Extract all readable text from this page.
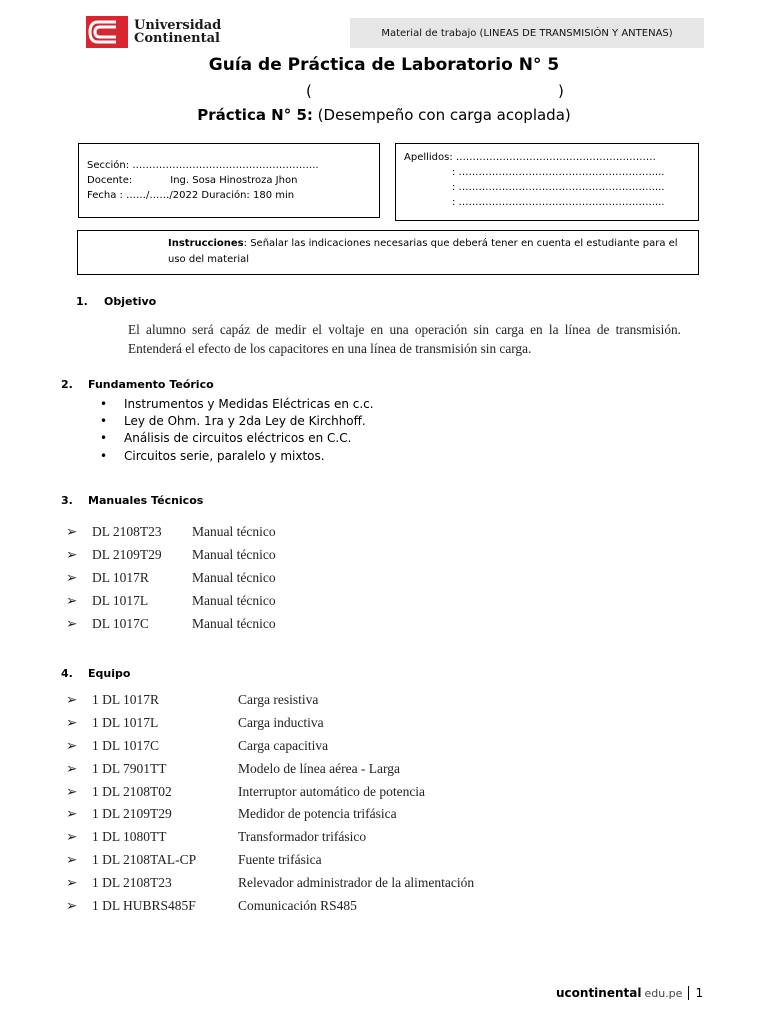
Universidad
Continental	Material de trabajo (LINEAS DE TRANSMISIÓN Y ANTENAS)
Guía de Práctica de Laboratorio N° 5
(	)
Práctica N° 5: (Desempeño con carga acoplada)
Sección: ………………………………………………..
Docente:	Ing. Sosa Hinostroza Jhon
Fecha : ……/……/2022 Duración: 180 min
Apellidos: ……………………………………………………
: ………………………………………………….....
: ………………………………………………….....
: ………………………………………………….....
Instrucciones: Señalar las indicaciones necesarias que deberá tener en cuenta el estudiante para el uso del material
1. Objetivo
El alumno será capáz de medir el voltaje en una operación sin carga en la línea de transmisión. Entenderá el efecto de los capacitores en una línea de transmisión sin carga.
2. Fundamento Teórico
•	Instrumentos y Medidas Eléctricas en c.c.
•	Ley de Ohm. 1ra y 2da Ley de Kirchhoff.
•	Análisis de circuitos eléctricos en C.C.
•	Circuitos serie, paralelo y mixtos.
3. Manuales Técnicos
➢	DL 2108T23	Manual técnico
➢	DL 2109T29	Manual técnico
➢	DL 1017R	Manual técnico
➢	DL 1017L	Manual técnico
➢	DL 1017C	Manual técnico
4. Equipo
➢	1 DL 1017R	Carga resistiva
➢	1 DL 1017L	Carga inductiva
➢	1 DL 1017C	Carga capacitiva
➢	1 DL 7901TT	Modelo de línea aérea - Larga
➢	1 DL 2108T02	Interruptor automático de potencia
➢	1 DL 2109T29	Medidor de potencia trifásica
➢	1 DL 1080TT	Transformador trifásico
➢	1 DL 2108TAL-CP	Fuente trifásica
➢	1 DL 2108T23	Relevador administrador de la alimentación
➢	1 DL HUBRS485F	Comunicación RS485
ucontinental edu.pe 1
